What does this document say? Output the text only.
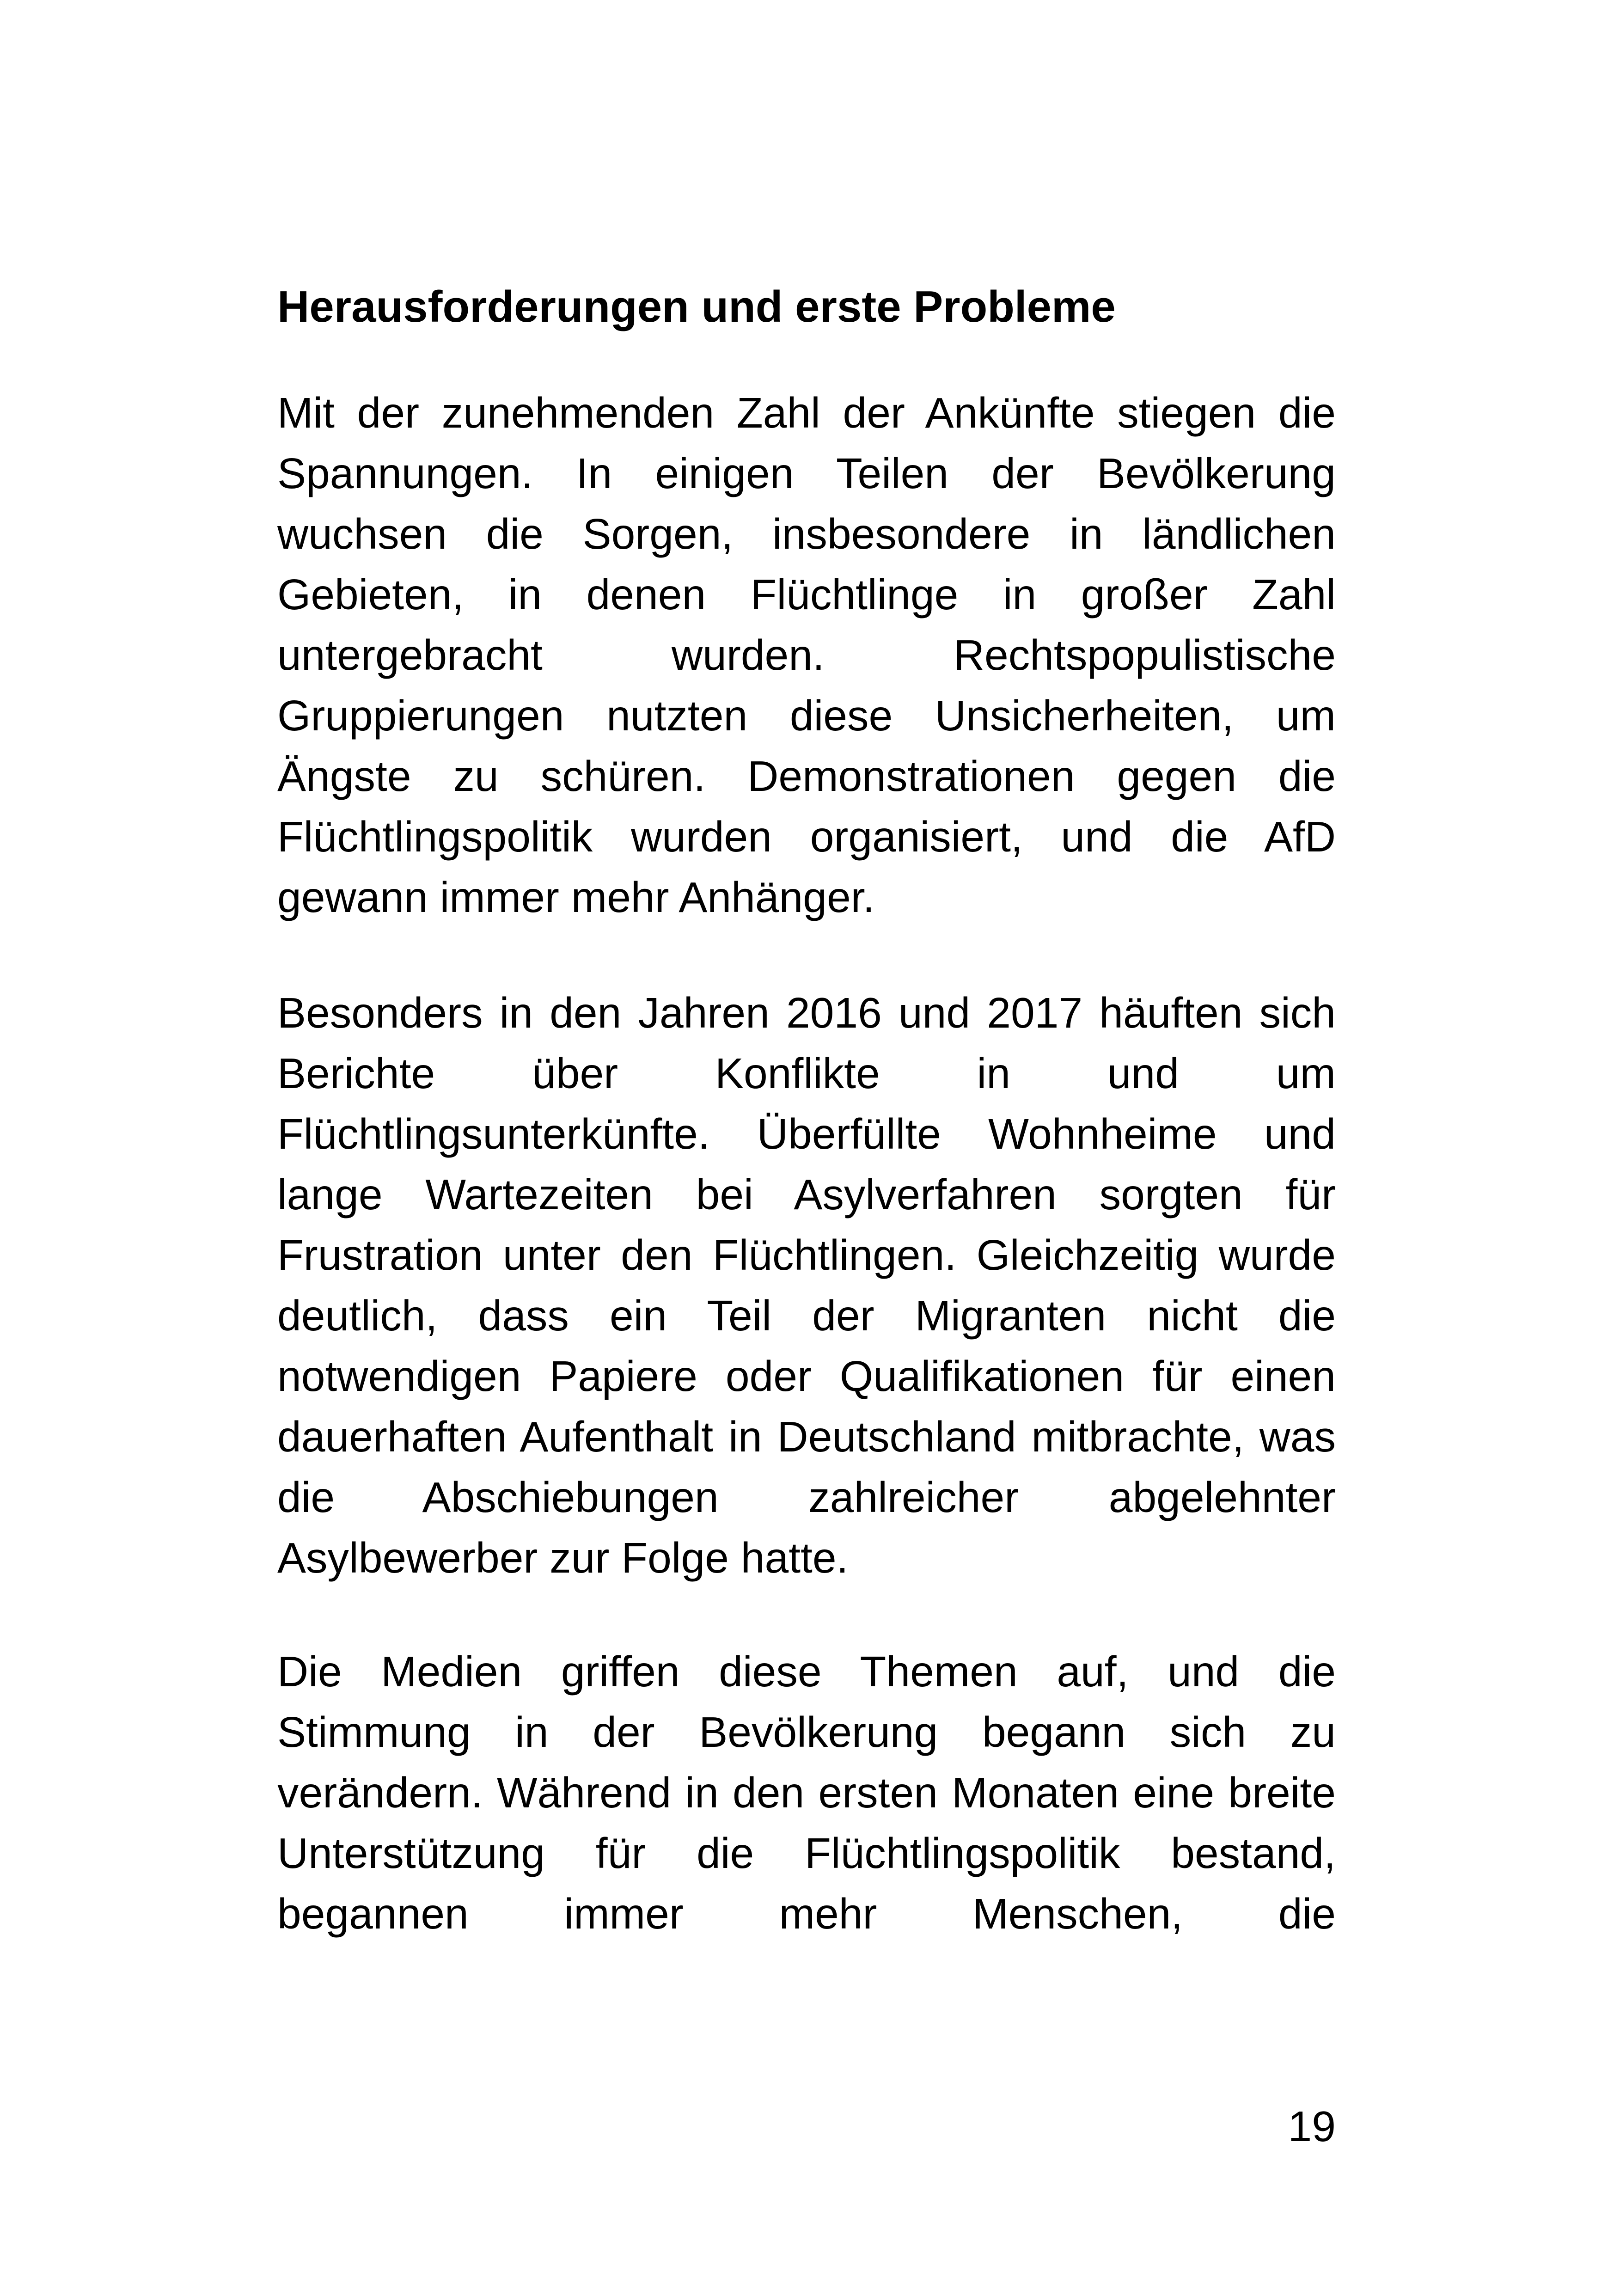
Herausforderungen und erste Probleme

Mit der zunehmenden Zahl der Ankünfte stiegen die Spannungen. In einigen Teilen der Bevölkerung wuchsen die Sorgen, insbesondere in ländlichen Gebieten, in denen Flüchtlinge in großer Zahl untergebracht wurden. Rechtspopulistische Gruppierungen nutzten diese Unsicherheiten, um Ängste zu schüren. Demonstrationen gegen die Flüchtlingspolitik wurden organisiert, und die AfD gewann immer mehr Anhänger.

Besonders in den Jahren 2016 und 2017 häuften sich Berichte über Konflikte in und um Flüchtlingsunterkünfte. Überfüllte Wohnheime und lange Wartezeiten bei Asylverfahren sorgten für Frustration unter den Flüchtlingen. Gleichzeitig wurde deutlich, dass ein Teil der Migranten nicht die notwendigen Papiere oder Qualifikationen für einen dauerhaften Aufenthalt in Deutschland mitbrachte, was die Abschiebungen zahlreicher abgelehnter Asylbewerber zur Folge hatte.

Die Medien griffen diese Themen auf, und die Stimmung in der Bevölkerung begann sich zu verändern. Während in den ersten Monaten eine breite Unterstützung für die Flüchtlingspolitik bestand, begannen immer mehr Menschen, die

19
